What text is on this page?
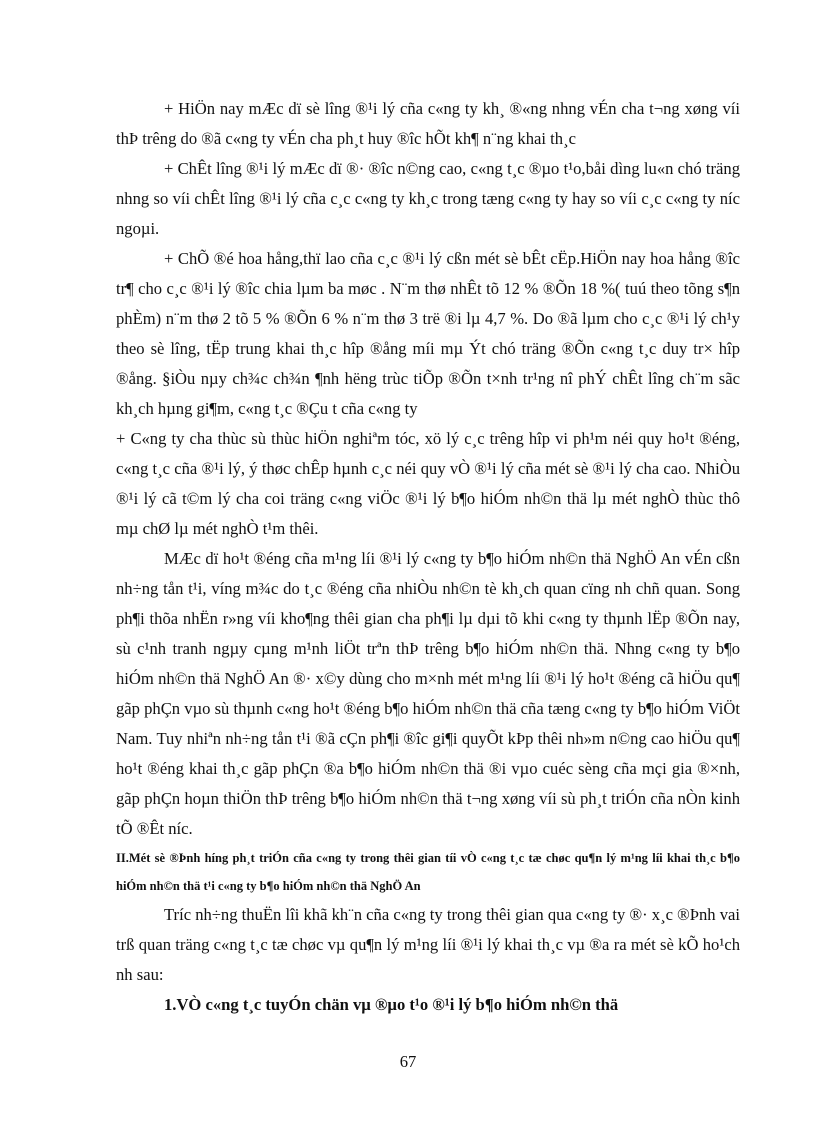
+ HiÖn nay mÆc dï sè lîng ®¹i lý cña c«ng ty kh¸ ®«ng nhng vÉn cha t¬ng xøng víi thÞ trêng do ®ã c«ng ty vÉn cha ph¸t huy ®îc hÕt kh¶ n¨ng khai th¸c

+ ChÊt lîng ®¹i lý mÆc dï ®· ®îc n©ng cao, c«ng t¸c ®µo t¹o,båi dìng lu«n chó träng nhng so víi chÊt lîng ®¹i lý cña c¸c c«ng ty kh¸c trong tæng c«ng ty hay so víi c¸c c«ng ty níc ngoµi.

+ ChÕ ®é hoa hång,thï lao cña c¸c ®¹i lý cßn mét sè bÊt cËp.HiÖn nay hoa hång ®îc tr¶ cho c¸c ®¹i lý ®îc chia lµm ba møc . N¨m thø nhÊt tõ 12 % ®Õn 18 %( tuú theo tõng s¶n phÈm) n¨m thø 2 tõ 5 % ®Õn 6 % n¨m thø 3 trë ®i lµ 4,7 %. Do ®ã lµm cho c¸c ®¹i lý ch¹y theo sè lîng, tËp trung khai th¸c hîp ®ång míi mµ Ýt chó träng ®Õn c«ng t¸c duy tr× hîp ®ång. §iÒu nµy ch¾c ch¾n ¶nh hëng trùc tiÕp ®Õn t×nh tr¹ng nî phÝ chÊt lîng ch¨m sãc kh¸ch hµng gi¶m, c«ng t¸c ®Çu t cña c«ng ty

+ C«ng ty cha thùc sù thùc hiÖn nghiªm tóc, xö lý c¸c trêng hîp vi ph¹m néi quy ho¹t ®éng, c«ng t¸c cña ®¹i lý, ý thøc chÊp hµnh c¸c néi quy vÒ ®¹i lý cña mét sè ®¹i lý cha cao. NhiÒu ®¹i lý cã t©m lý cha coi träng c«ng viÖc ®¹i lý b¶o hiÓm nh©n thä lµ mét nghÒ thùc thô mµ chØ lµ mét nghÒ t¹m thêi.

MÆc dï ho¹t ®éng cña m¹ng líi ®¹i lý c«ng ty b¶o hiÓm nh©n thä NghÖ An vÉn cßn nh÷ng tån t¹i, víng m¾c do t¸c ®éng cña nhiÒu nh©n tè kh¸ch quan cïng nh chñ quan. Song ph¶i thõa nhËn r»ng víi kho¶ng thêi gian cha ph¶i lµ dµi tõ khi c«ng ty thµnh lËp ®Õn nay, sù c¹nh tranh ngµy cµng m¹nh liÖt trªn thÞ trêng b¶o hiÓm nh©n thä. Nhng c«ng ty b¶o hiÓm nh©n thä NghÖ An ®· x©y dùng cho m×nh mét m¹ng líi ®¹i lý ho¹t ®éng cã hiÖu qu¶ gãp phÇn vµo sù thµnh c«ng ho¹t ®éng b¶o hiÓm nh©n thä cña tæng c«ng ty b¶o hiÓm ViÖt Nam. Tuy nhiªn nh÷ng tån t¹i ®ã cÇn ph¶i ®îc gi¶i quyÕt kÞp thêi nh»m n©ng cao hiÖu qu¶ ho¹t ®éng khai th¸c gãp phÇn ®a b¶o hiÓm nh©n thä ®i vµo cuéc sèng cña mçi gia ®×nh, gãp phÇn hoµn thiÖn thÞ trêng b¶o hiÓm nh©n thä t¬ng xøng víi sù ph¸t triÓn cña nÒn kinh tÕ ®Êt níc.

II.Mét sè ®Þnh híng ph¸t triÓn cña c«ng ty trong thêi gian tíi vÒ c«ng t¸c tæ chøc qu¶n lý m¹ng líi khai th¸c b¶o hiÓm nh©n thä t¹i c«ng ty b¶o hiÓm nh©n thä NghÖ An

Tríc nh÷ng thuËn lîi khã kh¨n cña c«ng ty trong thêi gian qua c«ng ty ®· x¸c ®Þnh vai trß quan träng c«ng t¸c tæ chøc vµ qu¶n lý m¹ng líi ®¹i lý khai th¸c vµ ®a ra mét sè kÕ ho¹ch nh sau:

1.VÒ c«ng t¸c tuyÓn chän vµ ®µo t¹o ®¹i lý b¶o hiÓm nh©n thä

67
